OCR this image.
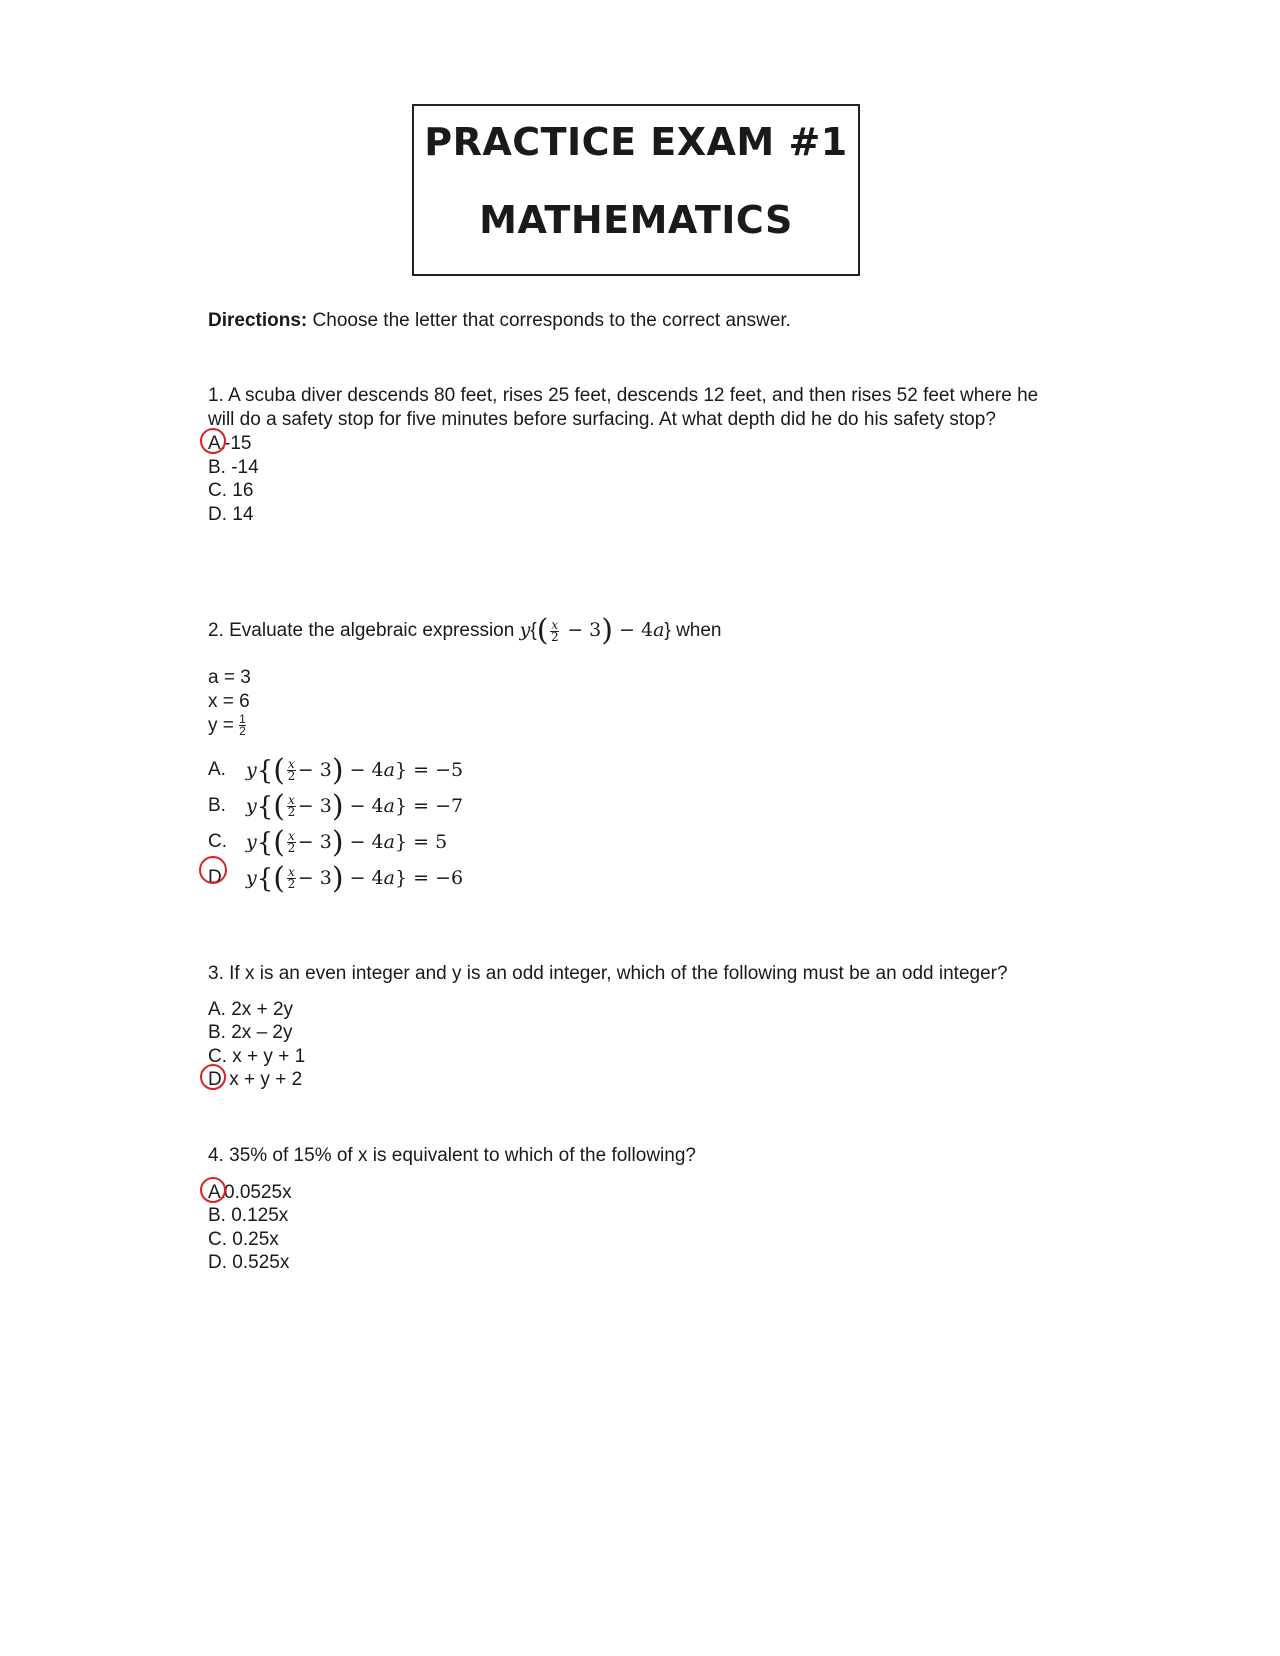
PRACTICE EXAM #1
MATHEMATICS
Directions: Choose the letter that corresponds to the correct answer.
1. A scuba diver descends 80 feet, rises 25 feet, descends 12 feet, and then rises 52 feet where he will do a safety stop for five minutes before surfacing. At what depth did he do his safety stop?
A.-15
B. -14
C. 16
D. 14
2. Evaluate the algebraic expression
$y\{( \frac{x}{2} - 3) - 4a\}$
when
a = 3
x = 6
$y = \frac{1}{2}$
A.	$y\{( \frac{x}{2} - 3) - 4a\} = -5$
B.	$y\{( \frac{x}{2} - 3) - 4a\} = -7$
C.	$y\{( \frac{x}{2} - 3) - 4a\} = 5$
D	$y\{( \frac{x}{2} - 3) - 4a\} = -6$
3. If x is an even integer and y is an odd integer, which of the following must be an odd integer?
A. 2x + 2y
B. 2x – 2y
C. x + y + 1
D x + y + 2
4. 35% of 15% of x is equivalent to which of the following?
A.0.0525x
B. 0.125x
C. 0.25x
D. 0.525x
